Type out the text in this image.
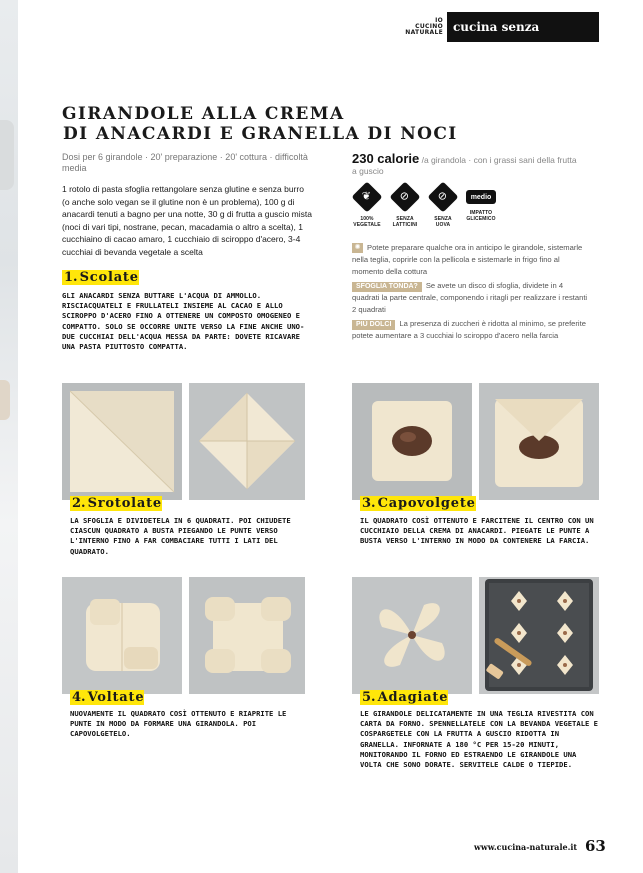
IO
CUCINO
NATURALE cucina senza
GIRANDOLE ALLA CREMA
DI ANACARDI E GRANELLA DI NOCI
Dosi per 6 girandole · 20' preparazione · 20' cottura · difficoltà media
1 rotolo di pasta sfoglia rettangolare senza glutine e senza burro (o anche solo vegan se il glutine non è un problema), 100 g di anacardi tenuti a bagno per una notte, 30 g di frutta a guscio mista (noci di vari tipi, nostrane, pecan, macadamia o altro a scelta), 1 cucchiaino di cacao amaro, 1 cucchiaio di sciroppo d'acero, 3-4 cucchiai di bevanda vegetale a scelta
230 calorie /a girandola · con i grassi sani della frutta a guscio
❦
100%
VEGETALE
⊘
SENZA
LATTICINI
⊘
SENZA
UOVA
medio
IMPATTO
GLICEMICO
✺ Potete preparare qualche ora in anticipo le girandole, sistemarle nella teglia, coprirle con la pellicola e sistemarle in frigo fino al momento della cottura
SFOGLIA TONDA? Se avete un disco di sfoglia, dividete in 4 quadrati la parte centrale, componendo i ritagli per realizzare i restanti 2 quadrati
PIÙ DOLCI La presenza di zuccheri è ridotta al minimo, se preferite potete aumentare a 3 cucchiai lo sciroppo d'acero nella farcia
1. Scolate
GLI ANACARDI SENZA BUTTARE L'ACQUA DI AMMOLLO. RISCIACQUATELI E FRULLATELI INSIEME AL CACAO E ALLO SCIROPPO D'ACERO FINO A OTTENERE UN COMPOSTO OMOGENEO E COMPATTO. SOLO SE OCCORRE UNITE VERSO LA FINE ANCHE UNO-DUE CUCCHIAI DELL'ACQUA MESSA DA PARTE: DOVETE RICAVARE UNA PASTA PIUTTOSTO COMPATTA.
2. Srotolate
LA SFOGLIA E DIVIDETELA IN 6 QUADRATI. POI CHIUDETE CIASCUN QUADRATO A BUSTA PIEGANDO LE PUNTE VERSO L'INTERNO FINO A FAR COMBACIARE TUTTI I LATI DEL QUADRATO.
3. Capovolgete
IL QUADRATO COSÌ OTTENUTO E FARCITENE IL CENTRO CON UN CUCCHIAIO DELLA CREMA DI ANACARDI. PIEGATE LE PUNTE A BUSTA VERSO L'INTERNO IN MODO DA CONTENERE LA FARCIA.
4. Voltate
NUOVAMENTE IL QUADRATO COSÌ OTTENUTO E RIAPRITE LE PUNTE IN MODO DA FORMARE UNA GIRANDOLA. POI CAPOVOLGETELO.
5. Adagiate
LE GIRANDOLE DELICATAMENTE IN UNA TEGLIA RIVESTITA CON CARTA DA FORNO. SPENNELLATELE CON LA BEVANDA VEGETALE E COSPARGETELE CON LA FRUTTA A GUSCIO RIDOTTA IN GRANELLA. INFORNATE A 180 °C PER 15-20 MINUTI, MONITORANDO IL FORNO ED ESTRAENDO LE GIRANDOLE UNA VOLTA CHE SONO DORATE. SERVITELE CALDE O TIEPIDE.
www.cucina-naturale.it 63
